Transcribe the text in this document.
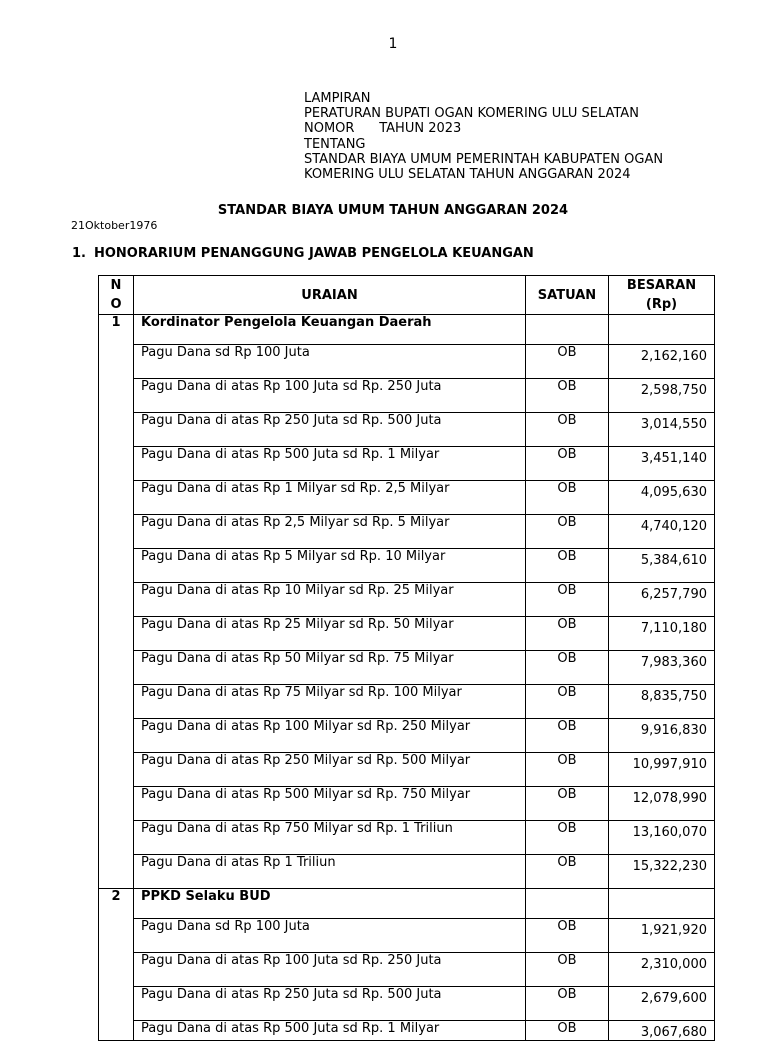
1
LAMPIRAN
PERATURAN BUPATI OGAN KOMERING ULU SELATAN
NOMOR      TAHUN 2023
TENTANG
STANDAR BIAYA UMUM PEMERINTAH KABUPATEN OGAN
KOMERING ULU SELATAN TAHUN ANGGARAN 2024
STANDAR BIAYA UMUM TAHUN ANGGARAN 2024
21Oktober1976
1. HONORARIUM PENANGGUNG JAWAB PENGELOLA KEUANGAN
N
O	URAIAN	SATUAN	BESARAN
(Rp)
1	Kordinator Pengelola Keuangan Daerah		
	Pagu Dana sd Rp 100 Juta	OB	2,162,160
	Pagu Dana di atas Rp 100 Juta sd Rp. 250 Juta	OB	2,598,750
	Pagu Dana di atas Rp 250 Juta sd Rp. 500 Juta	OB	3,014,550
	Pagu Dana di atas Rp 500 Juta sd Rp. 1 Milyar	OB	3,451,140
	Pagu Dana di atas Rp 1 Milyar sd Rp. 2,5 Milyar	OB	4,095,630
	Pagu Dana di atas Rp 2,5 Milyar sd Rp. 5 Milyar	OB	4,740,120
	Pagu Dana di atas Rp 5 Milyar sd Rp. 10 Milyar	OB	5,384,610
	Pagu Dana di atas Rp 10 Milyar sd Rp. 25 Milyar	OB	6,257,790
	Pagu Dana di atas Rp 25 Milyar sd Rp. 50 Milyar	OB	7,110,180
	Pagu Dana di atas Rp 50 Milyar sd Rp. 75 Milyar	OB	7,983,360
	Pagu Dana di atas Rp 75 Milyar sd Rp. 100 Milyar	OB	8,835,750
	Pagu Dana di atas Rp 100 Milyar sd Rp. 250 Milyar	OB	9,916,830
	Pagu Dana di atas Rp 250 Milyar sd Rp. 500 Milyar	OB	10,997,910
	Pagu Dana di atas Rp 500 Milyar sd Rp. 750 Milyar	OB	12,078,990
	Pagu Dana di atas Rp 750 Milyar sd Rp. 1 Triliun	OB	13,160,070
	Pagu Dana di atas Rp 1 Triliun	OB	15,322,230
2	PPKD Selaku BUD		
	Pagu Dana sd Rp 100 Juta	OB	1,921,920
	Pagu Dana di atas Rp 100 Juta sd Rp. 250 Juta	OB	2,310,000
	Pagu Dana di atas Rp 250 Juta sd Rp. 500 Juta	OB	2,679,600
	Pagu Dana di atas Rp 500 Juta sd Rp. 1 Milyar	OB	3,067,680
